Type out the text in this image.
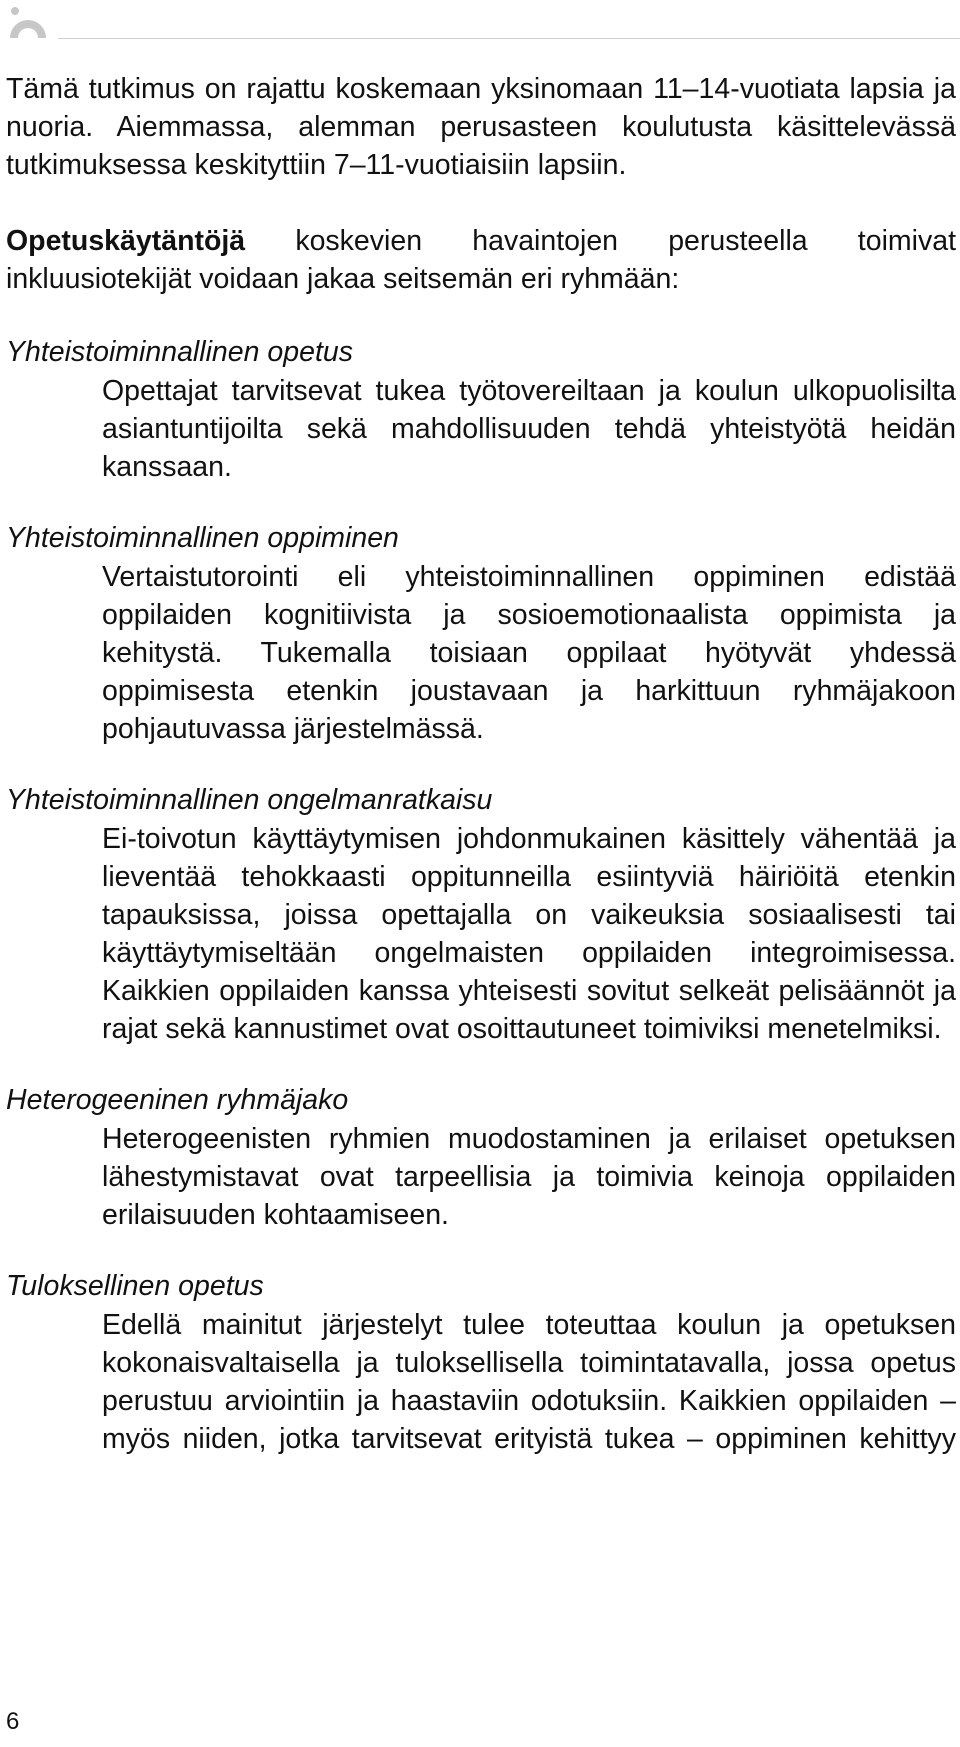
Tämä tutkimus on rajattu koskemaan yksinomaan 11–14-vuotiata lapsia ja nuoria. Aiemmassa, alemman perusasteen koulutusta käsittelevässä tutkimuksessa keskityttiin 7–11-vuotiaisiin lapsiin.

Opetuskäytäntöjä koskevien havaintojen perusteella toimivat inkluusiotekijät voidaan jakaa seitsemän eri ryhmään:

Yhteistoiminnallinen opetus
Opettajat tarvitsevat tukea työtovereiltaan ja koulun ulkopuolisilta asiantuntijoilta sekä mahdollisuuden tehdä yhteistyötä heidän kanssaan.
Yhteistoiminnallinen oppiminen
Vertaistutorointi eli yhteistoiminnallinen oppiminen edistää oppilaiden kognitiivista ja sosioemotionaalista oppimista ja kehitystä. Tukemalla toisiaan oppilaat hyötyvät yhdessä oppimisesta etenkin joustavaan ja harkittuun ryhmäjakoon pohjautuvassa järjestelmässä.
Yhteistoiminnallinen ongelmanratkaisu
Ei-toivotun käyttäytymisen johdonmukainen käsittely vähentää ja lieventää tehokkaasti oppitunneilla esiintyviä häiriöitä etenkin tapauksissa, joissa opettajalla on vaikeuksia sosiaalisesti tai käyttäytymiseltään ongelmaisten oppilaiden integroimisessa. Kaikkien oppilaiden kanssa yhteisesti sovitut selkeät pelisäännöt ja rajat sekä kannustimet ovat osoittautuneet toimiviksi menetelmiksi.
Heterogeeninen ryhmäjako
Heterogeenisten ryhmien muodostaminen ja erilaiset opetuksen lähestymistavat ovat tarpeellisia ja toimivia keinoja oppilaiden erilaisuuden kohtaamiseen.
Tuloksellinen opetus
Edellä mainitut järjestelyt tulee toteuttaa koulun ja opetuksen kokonaisvaltaisella ja tuloksellisella toimintatavalla, jossa opetus perustuu arviointiin ja haastaviin odotuksiin. Kaikkien oppilaiden – myös niiden, jotka tarvitsevat erityistä tukea – oppiminen kehittyy
6
